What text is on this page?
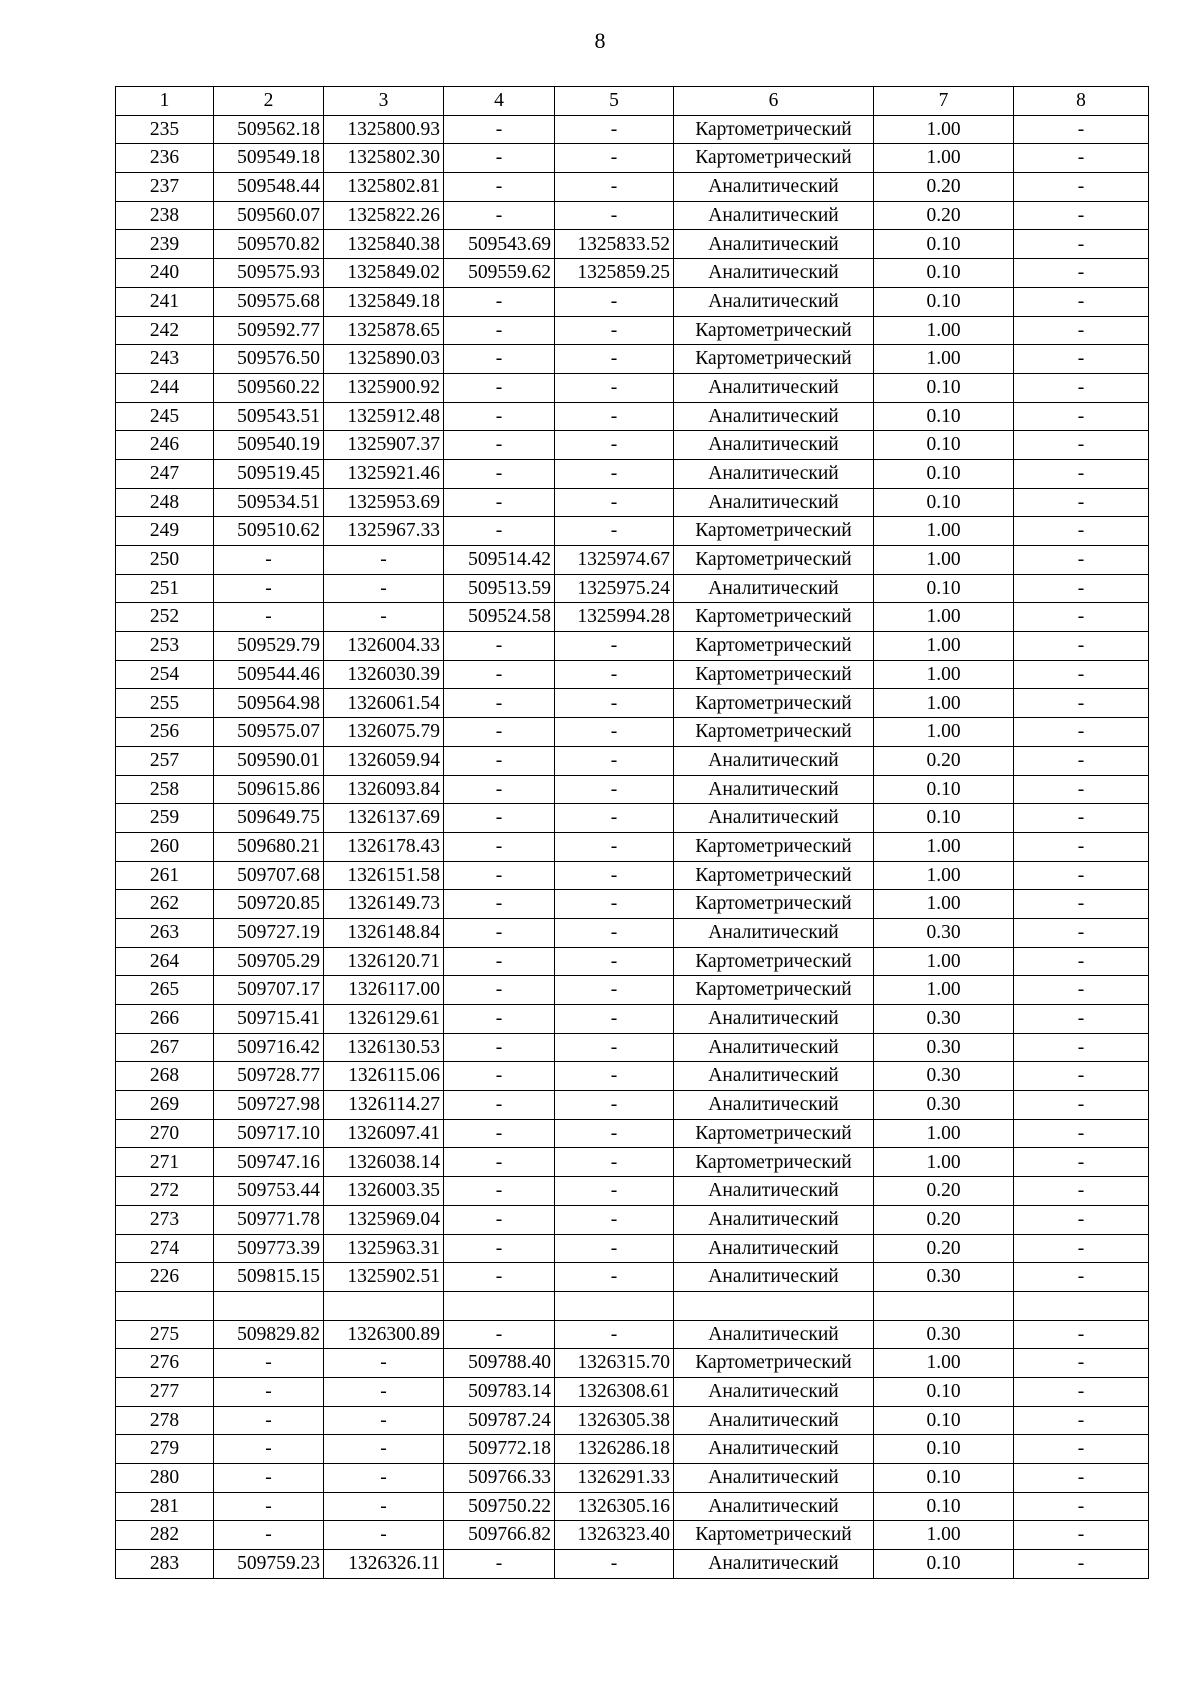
8
1	2	3	4	5	6	7	8
235	509562.18	1325800.93	-	-	Картометрический	1.00	-
236	509549.18	1325802.30	-	-	Картометрический	1.00	-
237	509548.44	1325802.81	-	-	Аналитический	0.20	-
238	509560.07	1325822.26	-	-	Аналитический	0.20	-
239	509570.82	1325840.38	509543.69	1325833.52	Аналитический	0.10	-
240	509575.93	1325849.02	509559.62	1325859.25	Аналитический	0.10	-
241	509575.68	1325849.18	-	-	Аналитический	0.10	-
242	509592.77	1325878.65	-	-	Картометрический	1.00	-
243	509576.50	1325890.03	-	-	Картометрический	1.00	-
244	509560.22	1325900.92	-	-	Аналитический	0.10	-
245	509543.51	1325912.48	-	-	Аналитический	0.10	-
246	509540.19	1325907.37	-	-	Аналитический	0.10	-
247	509519.45	1325921.46	-	-	Аналитический	0.10	-
248	509534.51	1325953.69	-	-	Аналитический	0.10	-
249	509510.62	1325967.33	-	-	Картометрический	1.00	-
250	-	-	509514.42	1325974.67	Картометрический	1.00	-
251	-	-	509513.59	1325975.24	Аналитический	0.10	-
252	-	-	509524.58	1325994.28	Картометрический	1.00	-
253	509529.79	1326004.33	-	-	Картометрический	1.00	-
254	509544.46	1326030.39	-	-	Картометрический	1.00	-
255	509564.98	1326061.54	-	-	Картометрический	1.00	-
256	509575.07	1326075.79	-	-	Картометрический	1.00	-
257	509590.01	1326059.94	-	-	Аналитический	0.20	-
258	509615.86	1326093.84	-	-	Аналитический	0.10	-
259	509649.75	1326137.69	-	-	Аналитический	0.10	-
260	509680.21	1326178.43	-	-	Картометрический	1.00	-
261	509707.68	1326151.58	-	-	Картометрический	1.00	-
262	509720.85	1326149.73	-	-	Картометрический	1.00	-
263	509727.19	1326148.84	-	-	Аналитический	0.30	-
264	509705.29	1326120.71	-	-	Картометрический	1.00	-
265	509707.17	1326117.00	-	-	Картометрический	1.00	-
266	509715.41	1326129.61	-	-	Аналитический	0.30	-
267	509716.42	1326130.53	-	-	Аналитический	0.30	-
268	509728.77	1326115.06	-	-	Аналитический	0.30	-
269	509727.98	1326114.27	-	-	Аналитический	0.30	-
270	509717.10	1326097.41	-	-	Картометрический	1.00	-
271	509747.16	1326038.14	-	-	Картометрический	1.00	-
272	509753.44	1326003.35	-	-	Аналитический	0.20	-
273	509771.78	1325969.04	-	-	Аналитический	0.20	-
274	509773.39	1325963.31	-	-	Аналитический	0.20	-
226	509815.15	1325902.51	-	-	Аналитический	0.30	-

275	509829.82	1326300.89	-	-	Аналитический	0.30	-
276	-	-	509788.40	1326315.70	Картометрический	1.00	-
277	-	-	509783.14	1326308.61	Аналитический	0.10	-
278	-	-	509787.24	1326305.38	Аналитический	0.10	-
279	-	-	509772.18	1326286.18	Аналитический	0.10	-
280	-	-	509766.33	1326291.33	Аналитический	0.10	-
281	-	-	509750.22	1326305.16	Аналитический	0.10	-
282	-	-	509766.82	1326323.40	Картометрический	1.00	-
283	509759.23	1326326.11	-	-	Аналитический	0.10	-
